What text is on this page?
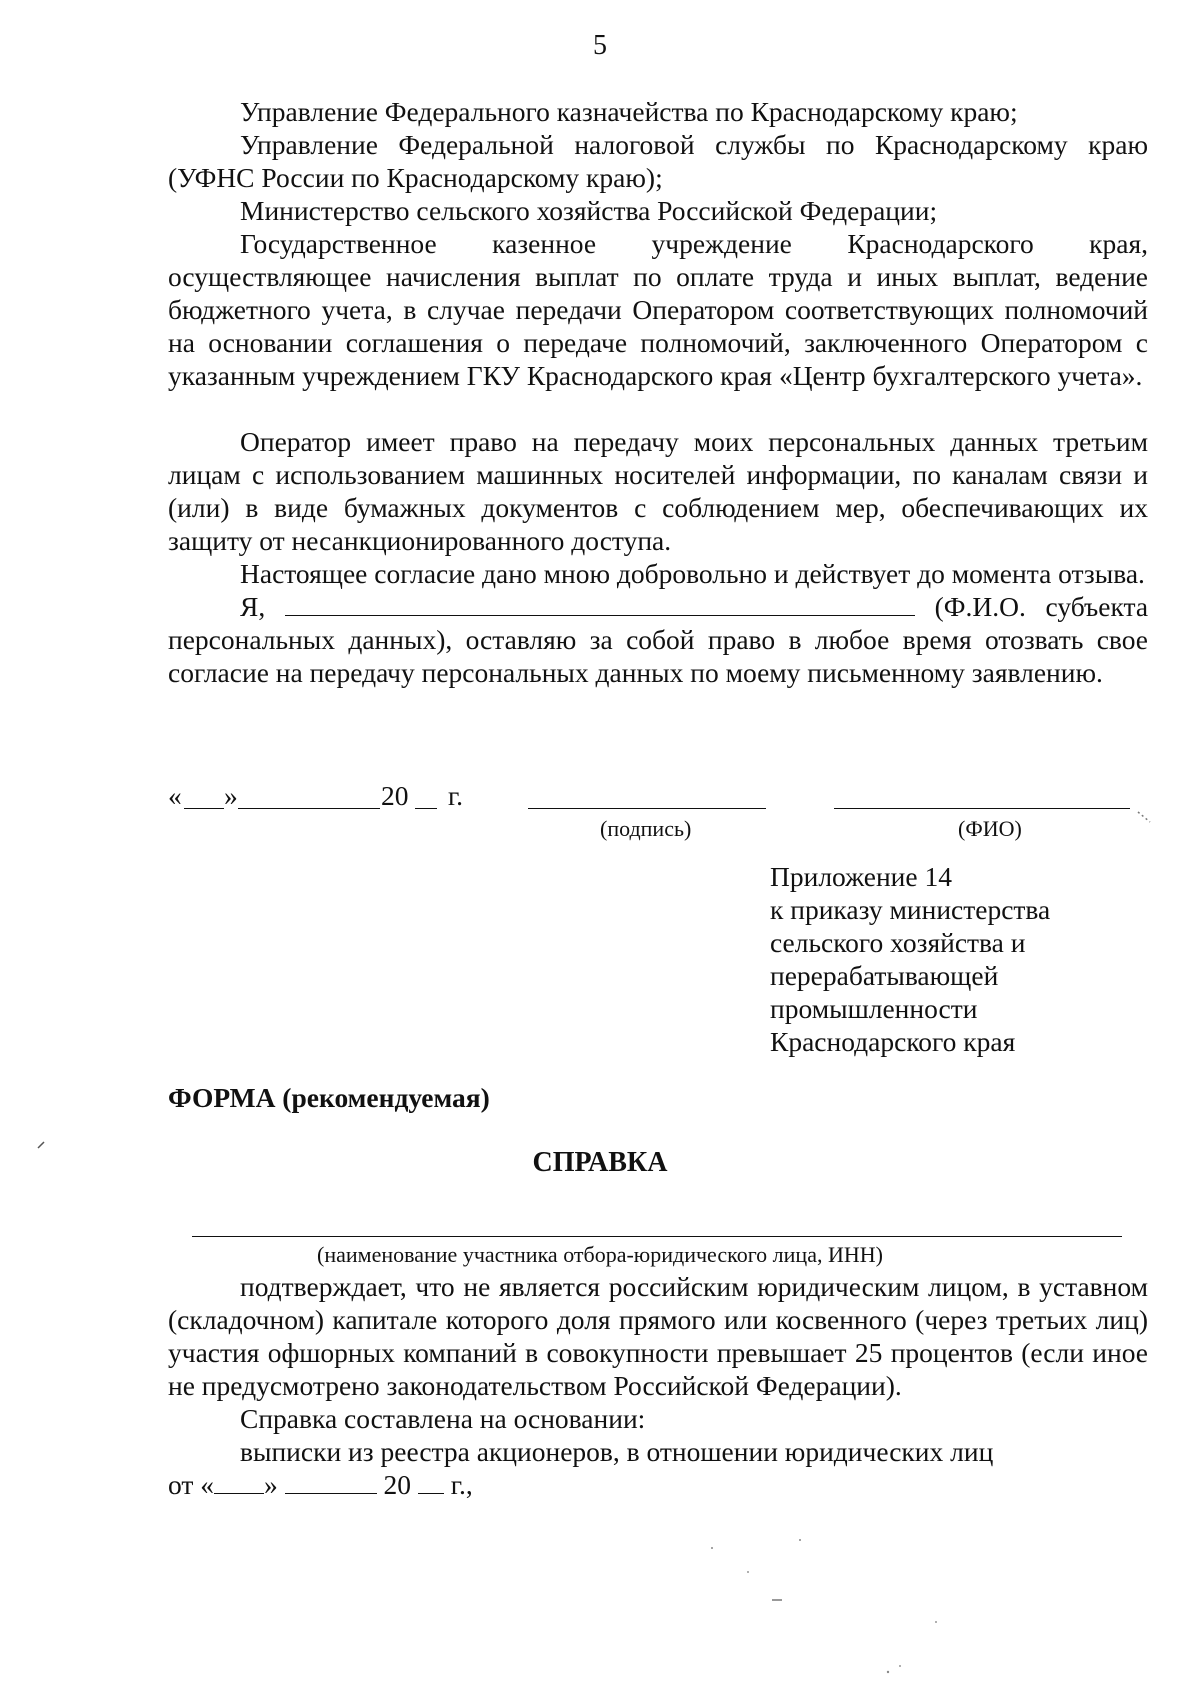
5

Управление Федерального казначейства по Краснодарскому краю;

Управление Федеральной налоговой службы по Краснодарскому краю (УФНС России по Краснодарскому краю);

Министерство сельского хозяйства Российской Федерации;

Государственное казенное учреждение Краснодарского края, осуществляющее начисления выплат по оплате труда и иных выплат, ведение бюджетного учета, в случае передачи Оператором соответствующих полномочий на основании соглашения о передаче полномочий, заключенного Оператором с указанным учреждением ГКУ Краснодарского края «Центр бухгалтерского учета».

Оператор имеет право на передачу моих персональных данных третьим лицам с использованием машинных носителей информации, по каналам связи и (или) в виде бумажных документов с соблюдением мер, обеспечивающих их защиту от несанкционированного доступа.

Настоящее согласие дано мною добровольно и действует до момента отзыва.

Я,	(Ф.И.О. субъекта персональных данных), оставляю за собой право в любое время отозвать свое согласие на передачу персональных данных по моему письменному заявлению.

« »	20 г.
(подпись)	(ФИО)
Приложение 14
к приказу министерства
сельского хозяйства и
перерабатывающей
промышленности
Краснодарского края
ФОРМА (рекомендуемая)
СПРАВКА
(наименование участника отбора-юридического лица, ИНН)

подтверждает, что не является российским юридическим лицом, в уставном (складочном) капитале которого доля прямого или косвенного (через третьих лиц) участия офшорных компаний в совокупности превышает 25 процентов (если иное не предусмотрено законодательством Российской Федерации).

Справка составлена на основании:

выписки из реестра акционеров, в отношении юридических лиц

от « »	20 г.,
